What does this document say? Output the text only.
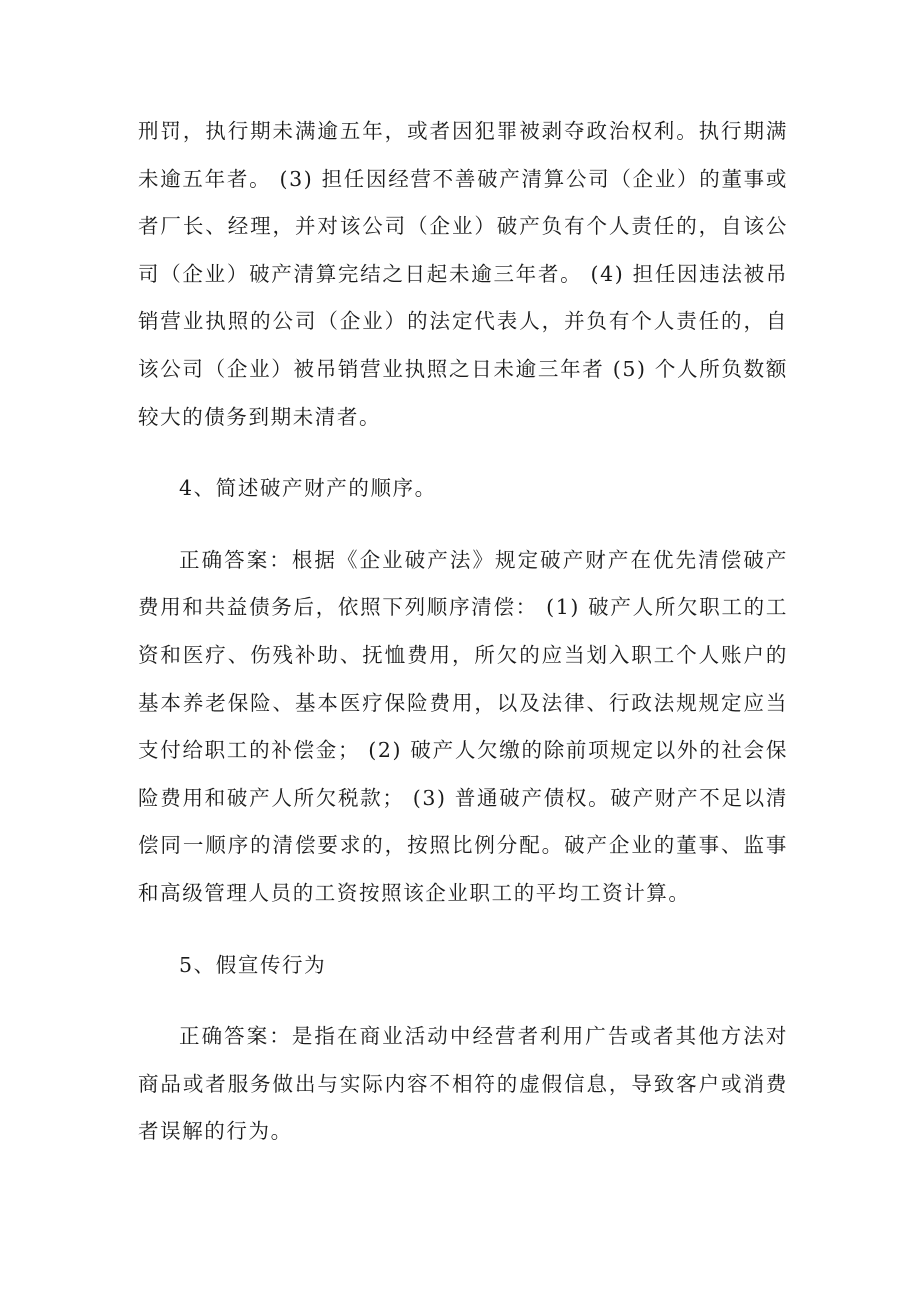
刑罚，执行期未满逾五年，或者因犯罪被剥夺政治权利。执行期满未逾五年者。 (3) 担任因经营不善破产清算公司（企业）的董事或者厂长、经理，并对该公司（企业）破产负有个人责任的，自该公司（企业）破产清算完结之日起未逾三年者。 (4) 担任因违法被吊销营业执照的公司（企业）的法定代表人，并负有个人责任的，自该公司（企业）被吊销营业执照之日未逾三年者 (5) 个人所负数额较大的债务到期未清者。

4、简述破产财产的顺序。

正确答案：根据《企业破产法》规定破产财产在优先清偿破产费用和共益债务后，依照下列顺序清偿： (1) 破产人所欠职工的工资和医疗、伤残补助、抚恤费用，所欠的应当划入职工个人账户的基本养老保险、基本医疗保险费用，以及法律、行政法规规定应当支付给职工的补偿金； (2) 破产人欠缴的除前项规定以外的社会保险费用和破产人所欠税款； (3) 普通破产债权。破产财产不足以清偿同一顺序的清偿要求的，按照比例分配。破产企业的董事、监事和高级管理人员的工资按照该企业职工的平均工资计算。

5、假宣传行为

正确答案：是指在商业活动中经营者利用广告或者其他方法对商品或者服务做出与实际内容不相符的虚假信息，导致客户或消费者误解的行为。
